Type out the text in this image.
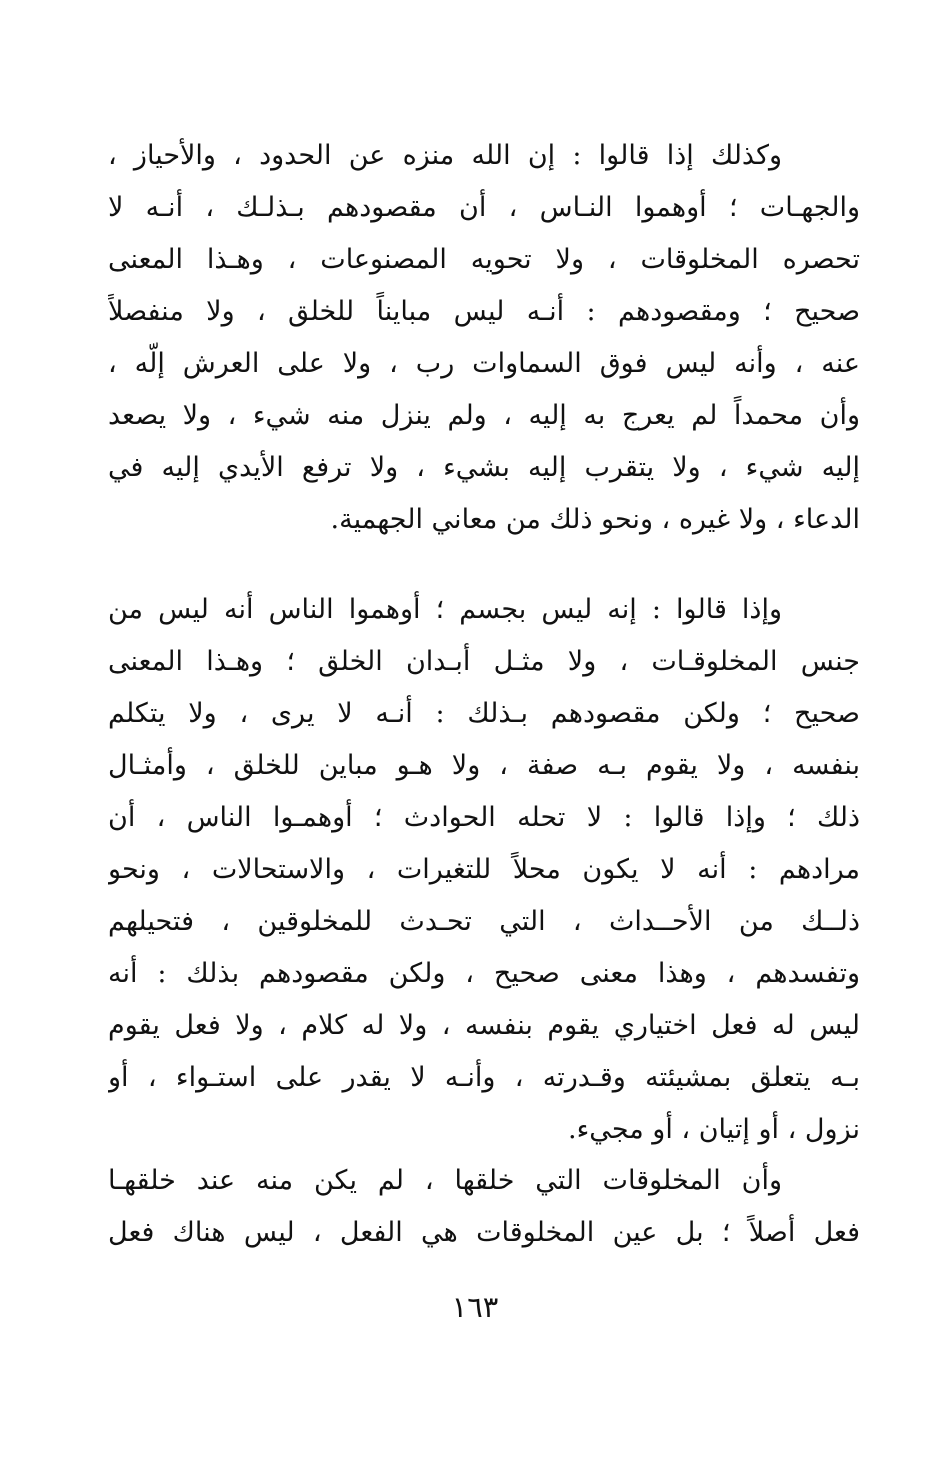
وكذلك إذا قالوا : إن الله منزه عن الحدود ، والأحياز ،
والجهـات ؛ أوهموا النـاس ، أن مقصودهم بـذلـك ، أنـه لا
تحصره المخلوقات ، ولا تحويه المصنوعات ، وهـذا المعنى
صحيح ؛ ومقصودهم : أنـه ليس مبايناً للخلق ، ولا منفصلاً
عنه ، وأنه ليس فوق السماوات رب ، ولا على العرش إلّه ،
وأن محمداً لم يعرج به إليه ، ولم ينزل منه شيء ، ولا يصعد
إليه شيء ، ولا يتقرب إليه بشيء ، ولا ترفع الأيدي إليه في
الدعاء ، ولا غيره ، ونحو ذلك من معاني الجهمية.
وإذا قالوا : إنه ليس بجسم ؛ أوهموا الناس أنه ليس من
جنس المخلوقـات ، ولا مثـل أبـدان الخلق ؛ وهـذا المعنى
صحيح ؛ ولكن مقصودهم بـذلك : أنـه لا يرى ، ولا يتكلم
بنفسه ، ولا يقوم بـه صفة ، ولا هـو مباين للخلق ، وأمثـال
ذلك ؛ وإذا قالوا : لا تحله الحوادث ؛ أوهمـوا الناس ، أن
مرادهم : أنه لا يكون محلاً للتغيرات ، والاستحالات ، ونحو
ذلــك من الأحــداث ، التي تحـدث للمخلوقين ، فتحيلهم
وتفسدهم ، وهذا معنى صحيح ، ولكن مقصودهم بذلك : أنه
ليس له فعل اختياري يقوم بنفسه ، ولا له كلام ، ولا فعل يقوم
بـه يتعلق بمشيئته وقـدرته ، وأنـه لا يقدر على استـواء ، أو
نزول ، أو إتيان ، أو مجيء.
وأن المخلوقات التي خلقها ، لم يكن منه عند خلقهـا
فعل أصلاً ؛ بل عين المخلوقات هي الفعل ، ليس هناك فعل
١٦٣
